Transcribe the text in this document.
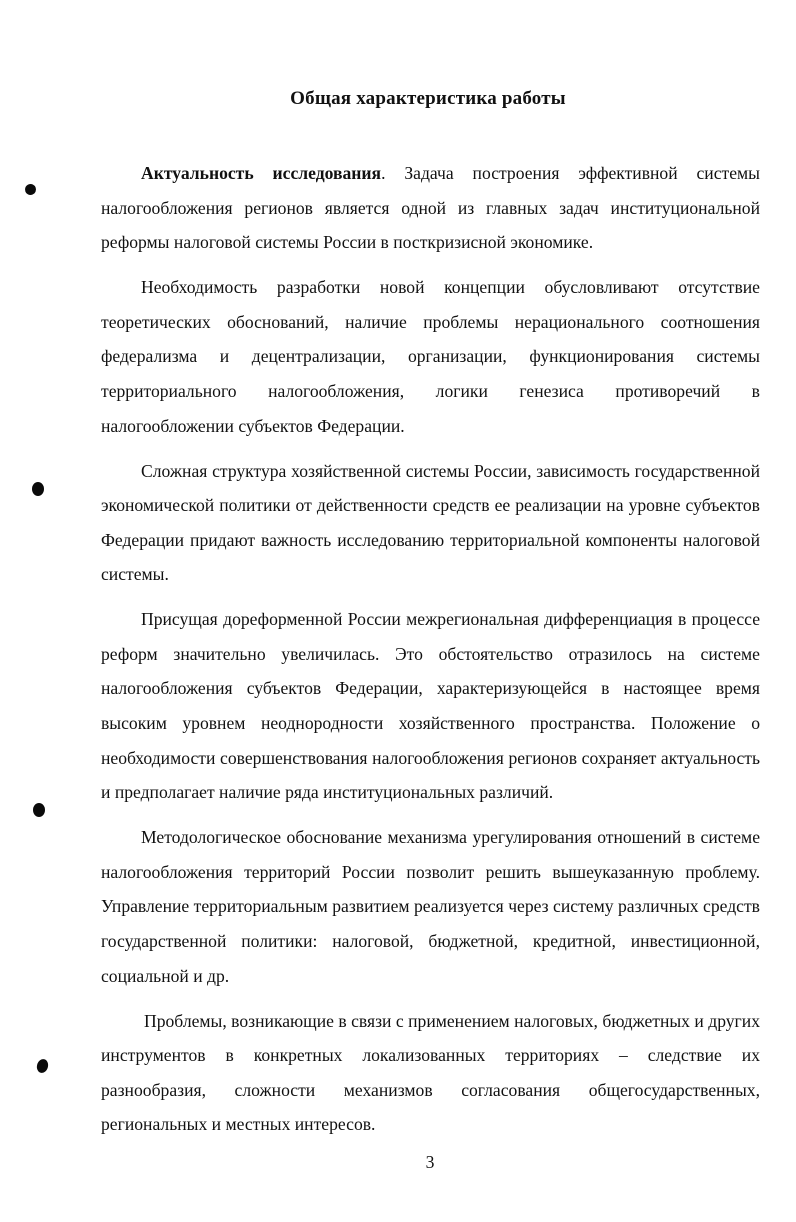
Общая характеристика работы

Актуальность исследования. Задача построения эффективной системы налогообложения регионов является одной из главных задач институциональной реформы налоговой системы России в посткризисной экономике.

Необходимость разработки новой концепции обусловливают отсутствие теоретических обоснований, наличие проблемы нерационального соотношения федерализма и децентрализации, организации, функционирования системы территориального налогообложения, логики генезиса противоречий в налогообложении субъектов Федерации.

Сложная структура хозяйственной системы России, зависимость государственной экономической политики от действенности средств ее реализации на уровне субъектов Федерации придают важность исследованию территориальной компоненты налоговой системы.

Присущая дореформенной России межрегиональная дифференциация в процессе реформ значительно увеличилась. Это обстоятельство отразилось на системе налогообложения субъектов Федерации, характеризующейся в настоящее время высоким уровнем неоднородности хозяйственного пространства. Положение о необходимости совершенствования налогообложения регионов сохраняет актуальность и предполагает наличие ряда институциональных различий.

Методологическое обоснование механизма урегулирования отношений в системе налогообложения территорий России позволит решить вышеуказанную проблему. Управление территориальным развитием реализуется через систему различных средств государственной политики: налоговой, бюджетной, кредитной, инвестиционной, социальной и др.

Проблемы, возникающие в связи с применением налоговых, бюджетных и других инструментов в конкретных локализованных территориях – следствие их разнообразия, сложности механизмов согласования общегосударственных, региональных и местных интересов.

3
